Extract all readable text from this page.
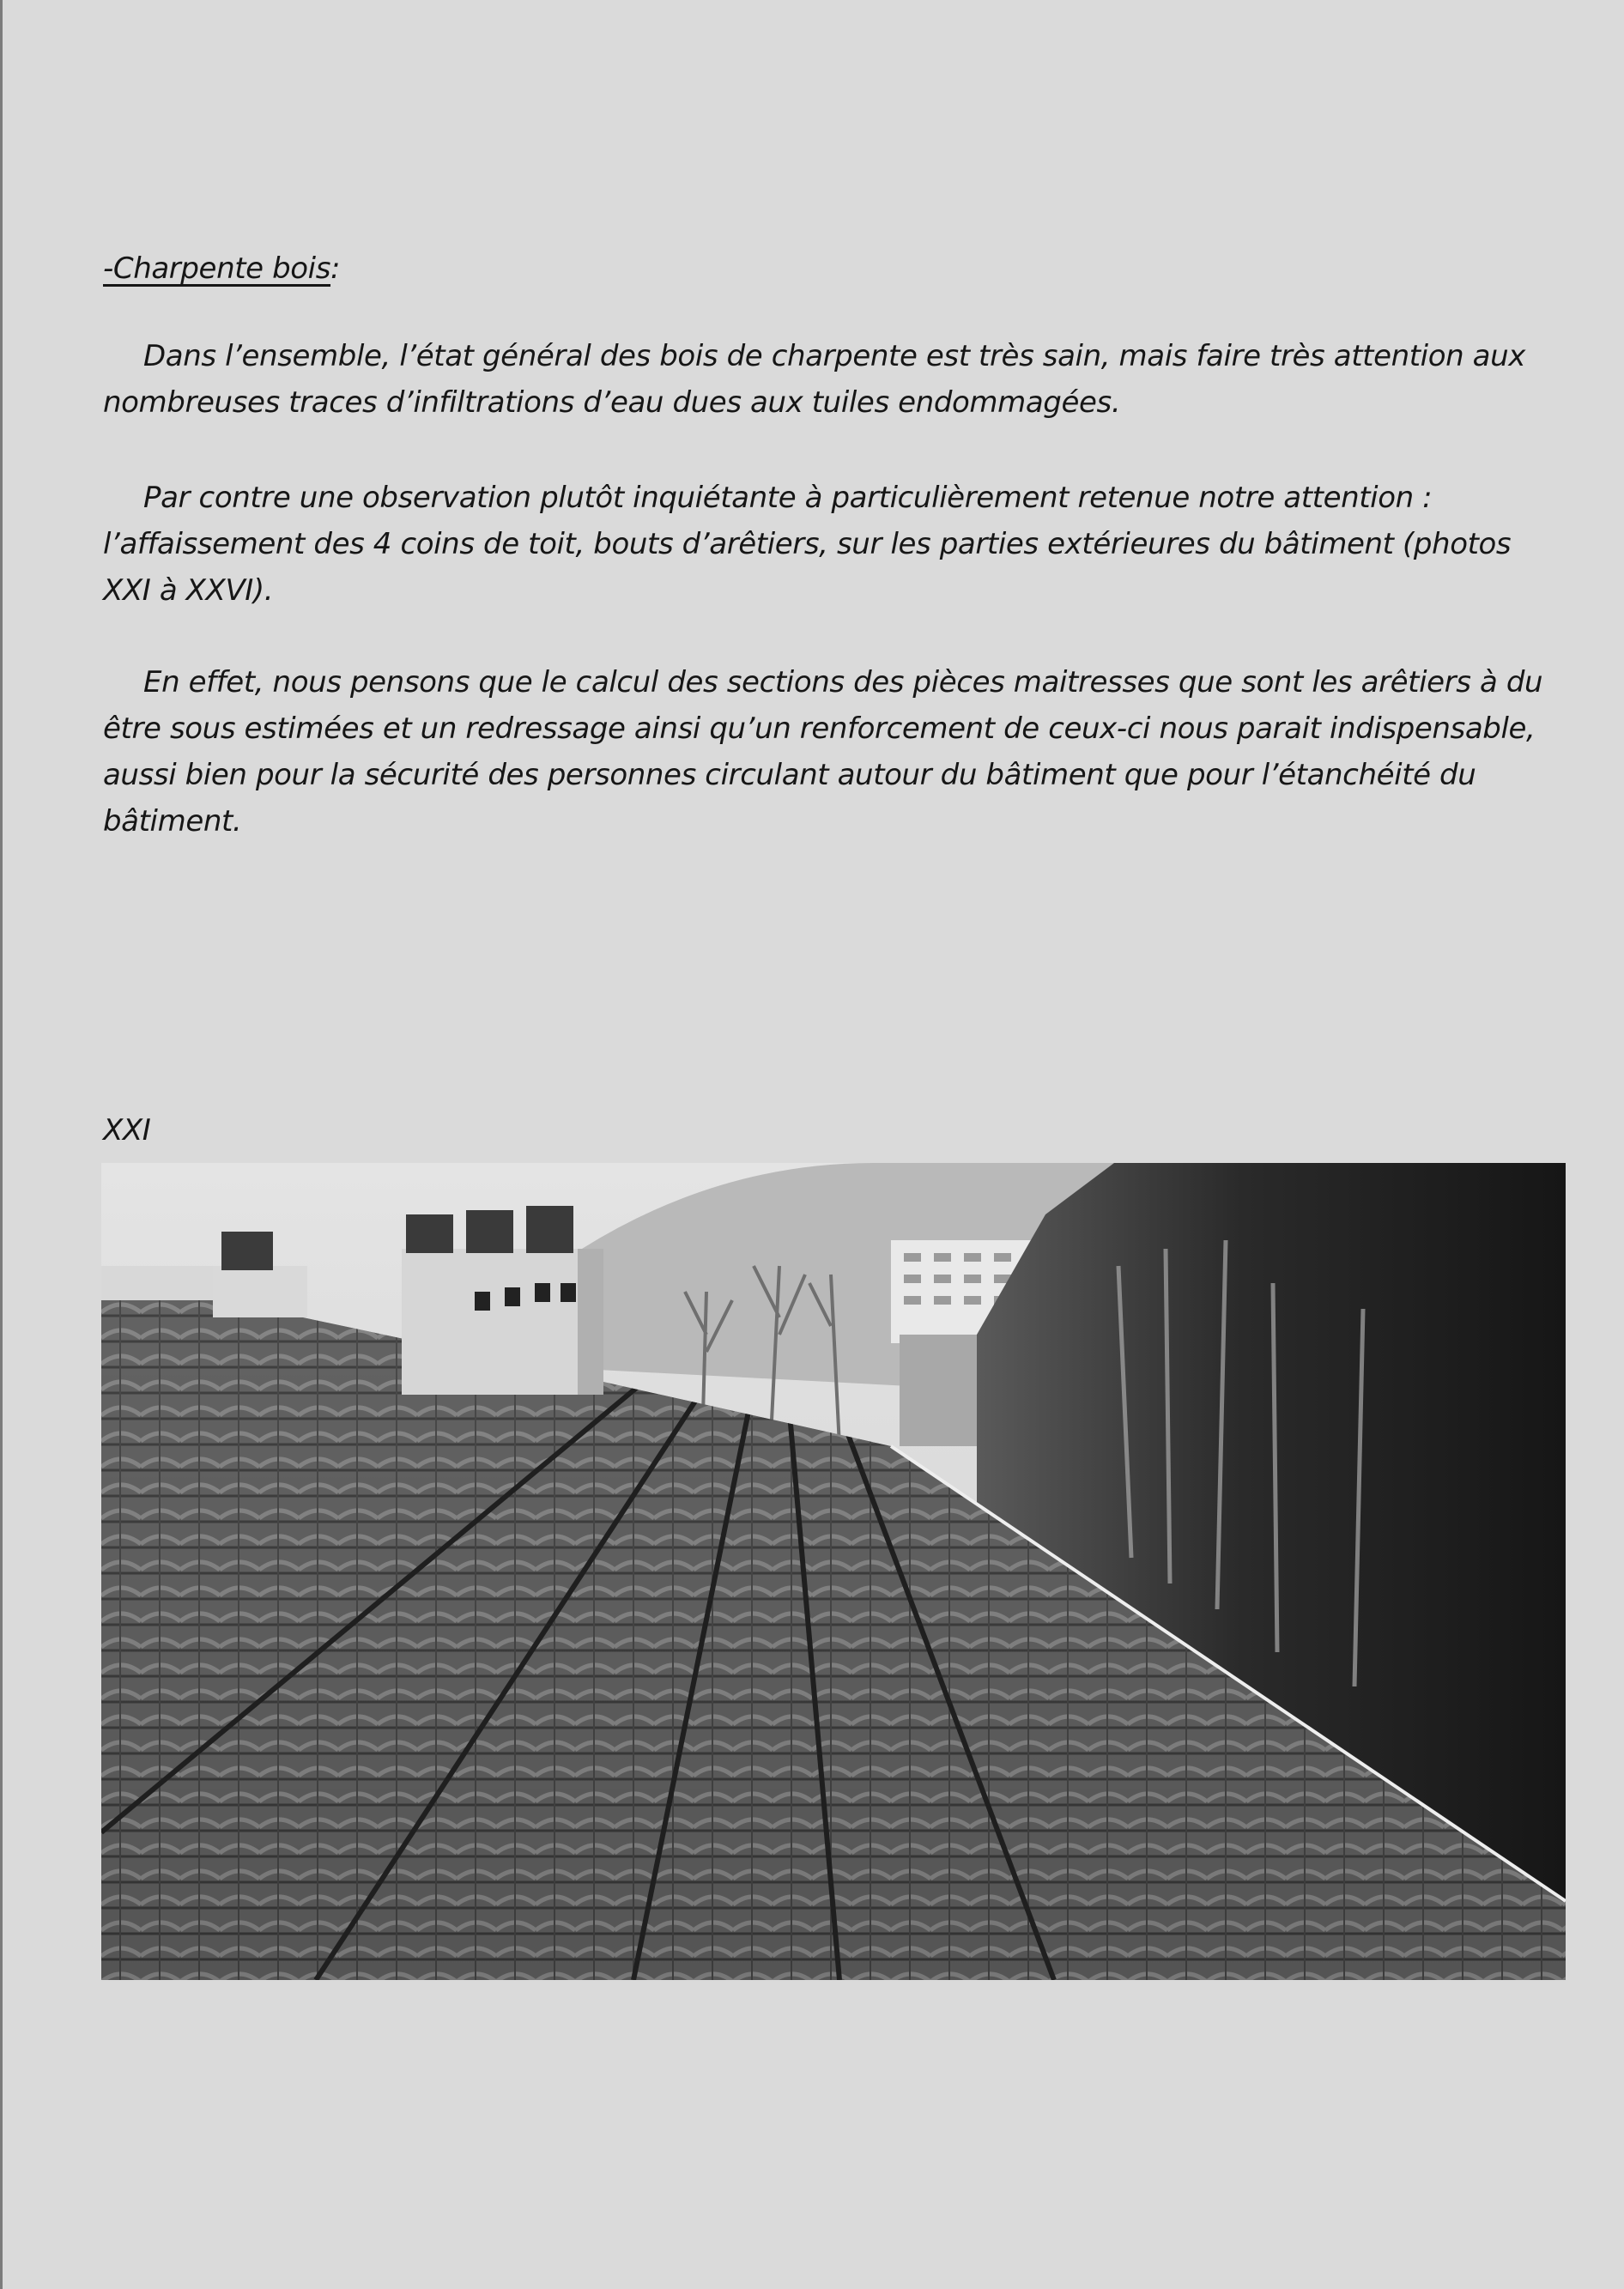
-Charpente bois:

Dans l’ensemble, l’état général des bois de charpente est très sain, mais faire très attention aux nombreuses traces d’infiltrations d’eau dues aux tuiles endommagées.

Par contre une observation plutôt inquiétante à particulièrement retenue notre attention : l’affaissement des 4 coins de toit, bouts d’arêtiers, sur les parties extérieures du bâtiment (photos XXI à XXVI).

En effet, nous pensons que le calcul des sections des pièces maitresses que sont les arêtiers à du être sous estimées et un redressage ainsi qu’un renforcement de ceux-ci nous parait indispensable, aussi bien pour la sécurité des personnes circulant autour du bâtiment que pour l’étanchéité du bâtiment.

XXI
